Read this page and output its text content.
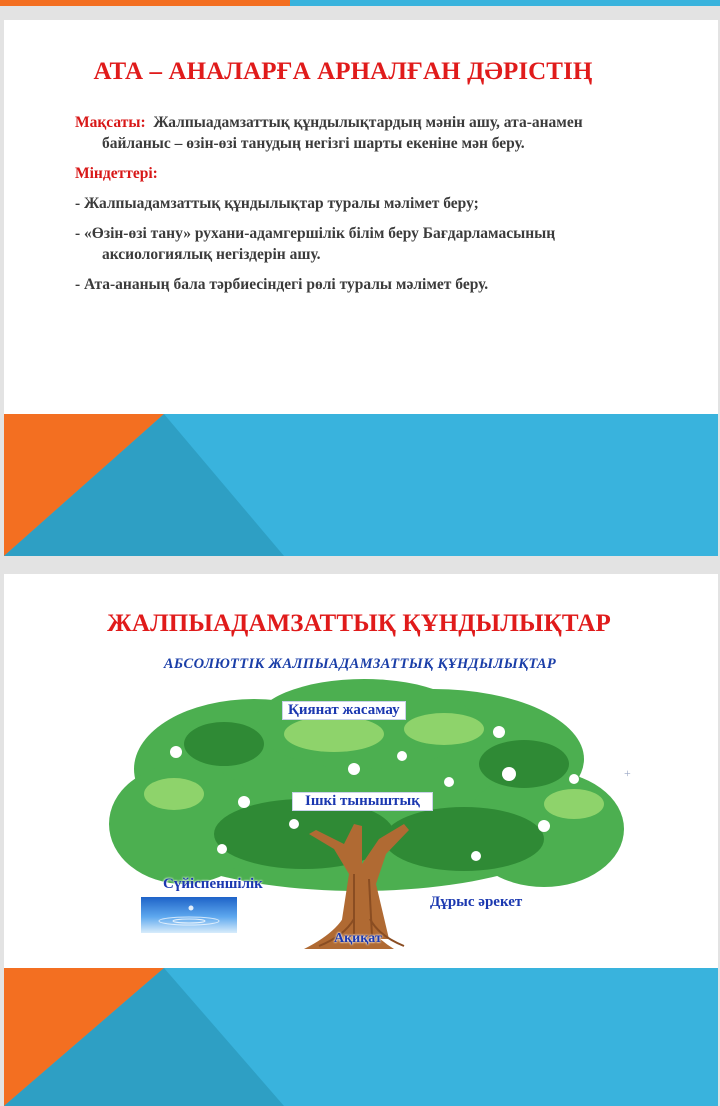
АТА – АНАЛАРҒА АРНАЛҒАН ДӘРІСТІҢ

Мақсаты: Жалпыадамзаттық құндылықтардың мәнін ашу, ата-анамен байланыс – өзін-өзі танудың негізгі шарты екеніне мән беру.

Міндеттері:

- Жалпыадамзаттық құндылықтар туралы мәлімет беру;

- «Өзін-өзі тану» рухани-адамгершілік білім беру Бағдарламасының аксиологиялық негіздерін ашу.

- Ата-ананың бала тәрбиесіндегі рөлі туралы мәлімет беру.

ЖАЛПЫАДАМЗАТТЫҚ ҚҰНДЫЛЫҚТАР
АБСОЛЮТТІК ЖАЛПЫАДАМЗАТТЫҚ ҚҰНДЫЛЫҚТАР
Қиянат жасамау
Ішкі тыныштық
Сүйіспеншілік
Дұрыс әрекет
Ақиқат
+
